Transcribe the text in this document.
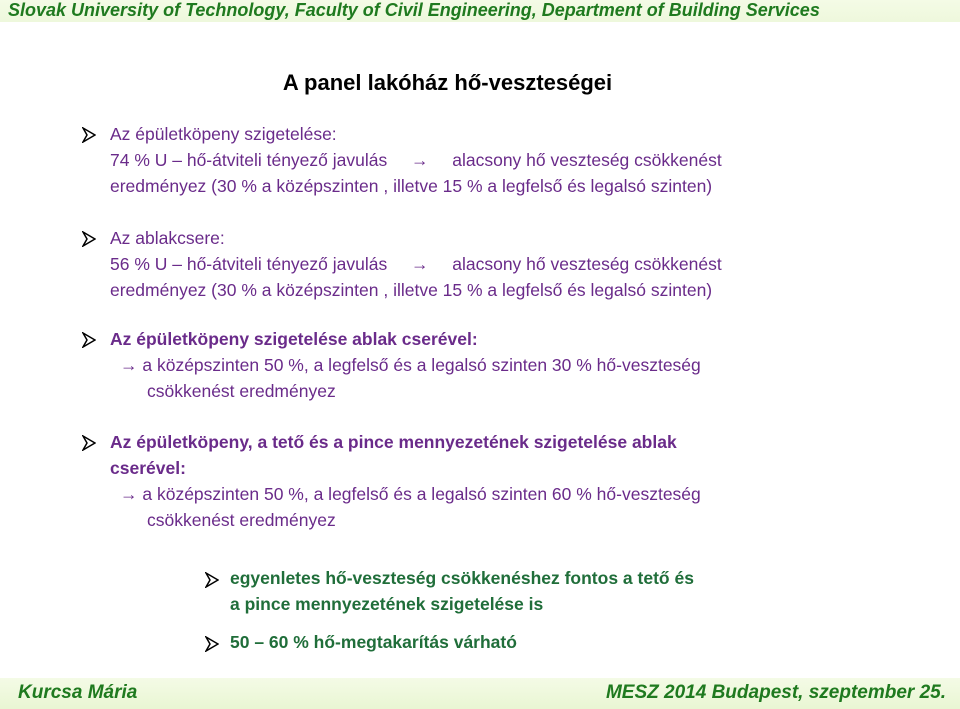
Slovak University of Technology, Faculty of Civil Engineering, Department of Building Services
A panel lakóház hő-veszteségei
Az épületköpeny szigetelése:
74 % U – hő-átviteli tényező javulás → alacsony hő veszteség csökkenést
eredményez (30 % a középszinten , illetve 15 % a legfelső és legalsó szinten)
Az ablakcsere:
56 % U – hő-átviteli tényező javulás → alacsony hő veszteség csökkenést
eredményez (30 % a középszinten , illetve 15 % a legfelső és legalsó szinten)
Az épületköpeny szigetelése ablak cserével:
→ a középszinten 50 %, a legfelső és a legalsó szinten 30 % hő-veszteség
csökkenést eredményez
Az épületköpeny, a tető és a pince mennyezetének szigetelése ablak
cserével:
→ a középszinten 50 %, a legfelső és a legalsó szinten 60 % hő-veszteség
csökkenést eredményez
egyenletes hő-veszteség csökkenéshez fontos a tető és
a pince mennyezetének szigetelése is
50 – 60 % hő-megtakarítás várható
Kurcsa Mária	MESZ 2014 Budapest, szeptember 25.
